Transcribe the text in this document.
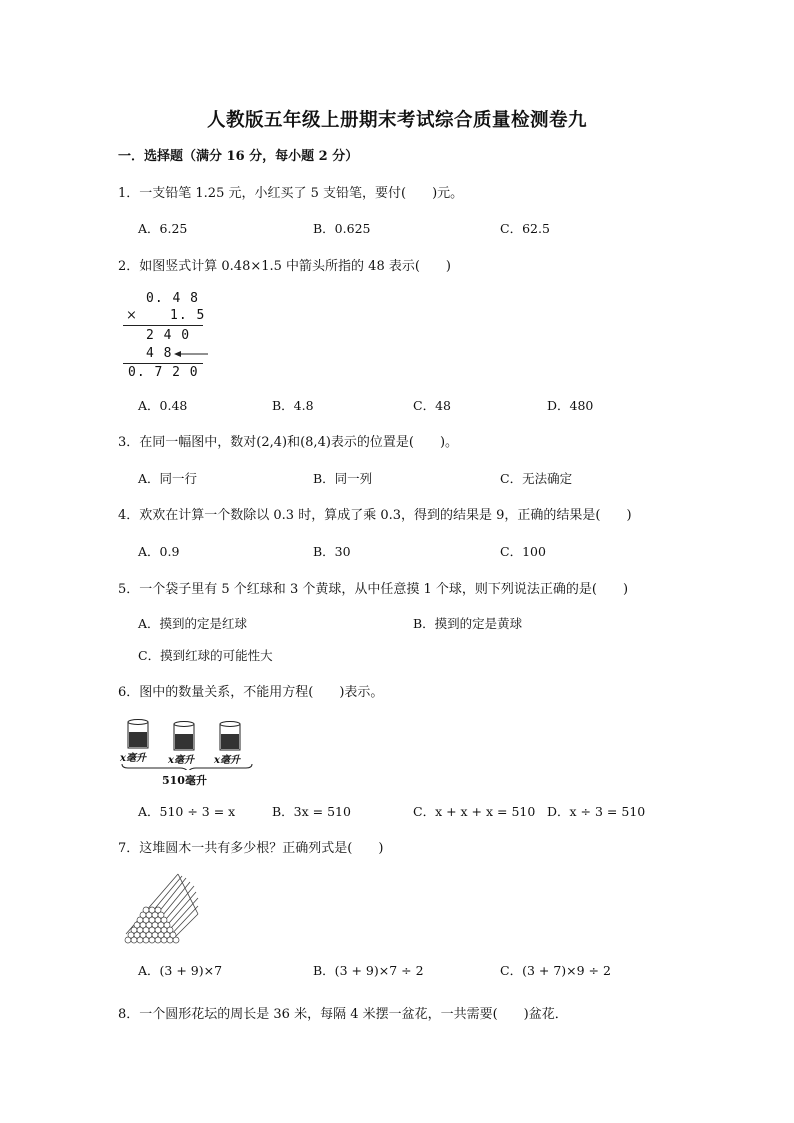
人教版五年级上册期末考试综合质量检测卷九
一．选择题（满分 16 分，每小题 2 分）
1．一支铅笔 1.25 元，小红买了 5 支铅笔，要付(　　)元。
A．6.25	B．0.625	C．62.5
2．如图竖式计算 0.48×1.5 中箭头所指的 48 表示(　　)
0. 4 8
×	1. 5
2 4 0
4 8
0. 7 2 0
A．0.48	B．4.8	C．48	D．480
3．在同一幅图中，数对(2,4)和(8,4)表示的位置是(　　)。
A．同一行	B．同一列	C．无法确定
4．欢欢在计算一个数除以 0.3 时，算成了乘 0.3，得到的结果是 9，正确的结果是(　　)
A．0.9	B．30	C．100
5．一个袋子里有 5 个红球和 3 个黄球，从中任意摸 1 个球，则下列说法正确的是(　　)
A．摸到的定是红球	B．摸到的定是黄球
C．摸到红球的可能性大
6．图中的数量关系，不能用方程(　　)表示。
x毫升 x毫升 x毫升
510毫升
A．510 ÷ 3 = x	B．3x = 510	C．x + x + x = 510 D．x ÷ 3 = 510
7．这堆圆木一共有多少根？正确列式是(　　)
A．(3 + 9)×7	B．(3 + 9)×7 ÷ 2	C．(3 + 7)×9 ÷ 2
8．一个圆形花坛的周长是 36 米，每隔 4 米摆一盆花，一共需要(　　)盆花．
